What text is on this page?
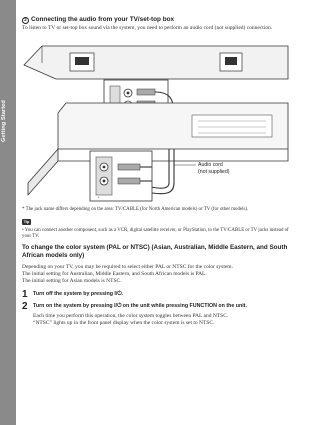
Getting Started
2 Connecting the audio from your TV/set-top box
To listen to TV or set-top box sound via the system, you need to perform an audio cord (not supplied) connection.
*
Audio cord
(not supplied)
* The jack name differs depending on the area: TV/CABLE (for North American models) or TV (for other models).
Tip
• You can connect another component, such as a VCR, digital satellite receiver, or PlayStation, to the TV/CABLE or TV jacks instead of your TV.
To change the color system (PAL or NTSC) (Asian, Australian, Middle Eastern, and South African models only)
Depending on your TV, you may be required to select either PAL or NTSC for the color system.
The initial setting for Australian, Middle Eastern, and South African models is PAL.
The initial setting for Asian models is NTSC.
1 Turn off the system by pressing I/⏻.
2 Turn on the system by pressing I/⏻ on the unit while pressing FUNCTION on the unit.
Each time you perform this operation, the color system toggles between PAL and NTSC.
“NTSC” lights up in the front panel display when the color system is set to NTSC.
